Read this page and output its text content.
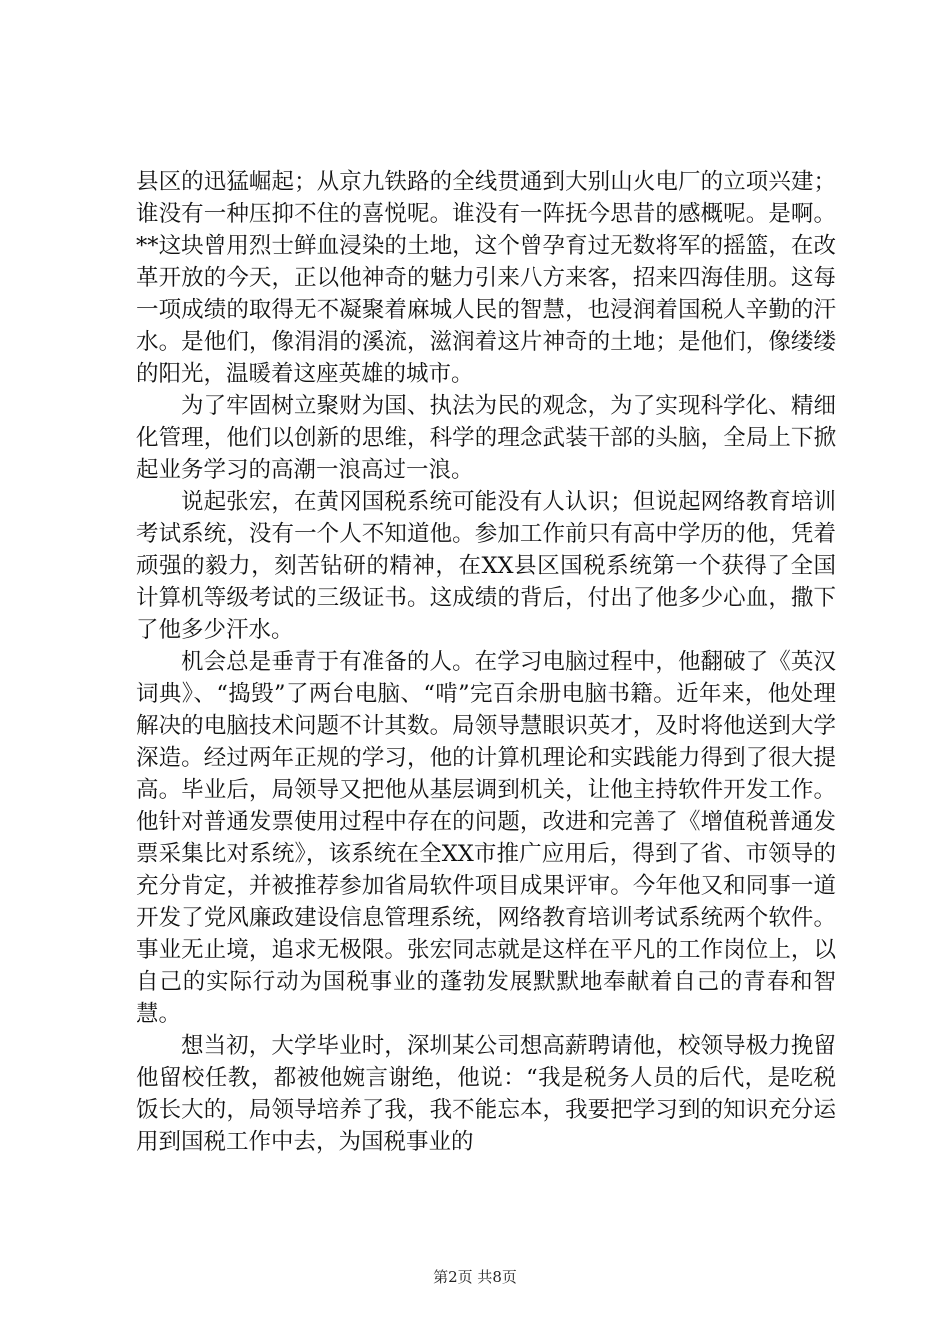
县区的迅猛崛起；从京九铁路的全线贯通到大别山火电厂的立项兴建；谁没有一种压抑不住的喜悦呢。谁没有一阵抚今思昔的感概呢。是啊。**这块曾用烈士鲜血浸染的土地，这个曾孕育过无数将军的摇篮，在改革开放的今天，正以他神奇的魅力引来八方来客，招来四海佳朋。这每一项成绩的取得无不凝聚着麻城人民的智慧，也浸润着国税人辛勤的汗水。是他们，像涓涓的溪流，滋润着这片神奇的土地；是他们，像缕缕的阳光，温暖着这座英雄的城市。

为了牢固树立聚财为国、执法为民的观念，为了实现科学化、精细化管理，他们以创新的思维，科学的理念武装干部的头脑，全局上下掀起业务学习的高潮一浪高过一浪。

说起张宏，在黄冈国税系统可能没有人认识；但说起网络教育培训考试系统，没有一个人不知道他。参加工作前只有高中学历的他，凭着顽强的毅力，刻苦钻研的精神，在XX县区国税系统第一个获得了全国计算机等级考试的三级证书。这成绩的背后，付出了他多少心血，撒下了他多少汗水。

机会总是垂青于有准备的人。在学习电脑过程中，他翻破了《英汉词典》、“捣毁”了两台电脑、“啃”完百余册电脑书籍。近年来，他处理解决的电脑技术问题不计其数。局领导慧眼识英才，及时将他送到大学深造。经过两年正规的学习，他的计算机理论和实践能力得到了很大提高。毕业后，局领导又把他从基层调到机关，让他主持软件开发工作。他针对普通发票使用过程中存在的问题，改进和完善了《增值税普通发票采集比对系统》，该系统在全XX市推广应用后，得到了省、市领导的充分肯定，并被推荐参加省局软件项目成果评审。今年他又和同事一道开发了党风廉政建设信息管理系统，网络教育培训考试系统两个软件。事业无止境，追求无极限。张宏同志就是这样在平凡的工作岗位上，以自己的实际行动为国税事业的蓬勃发展默默地奉献着自己的青春和智慧。

想当初，大学毕业时，深圳某公司想高薪聘请他，校领导极力挽留他留校任教，都被他婉言谢绝，他说：“我是税务人员的后代，是吃税饭长大的，局领导培养了我，我不能忘本，我要把学习到的知识充分运用到国税工作中去，为国税事业的

第2页 共8页
